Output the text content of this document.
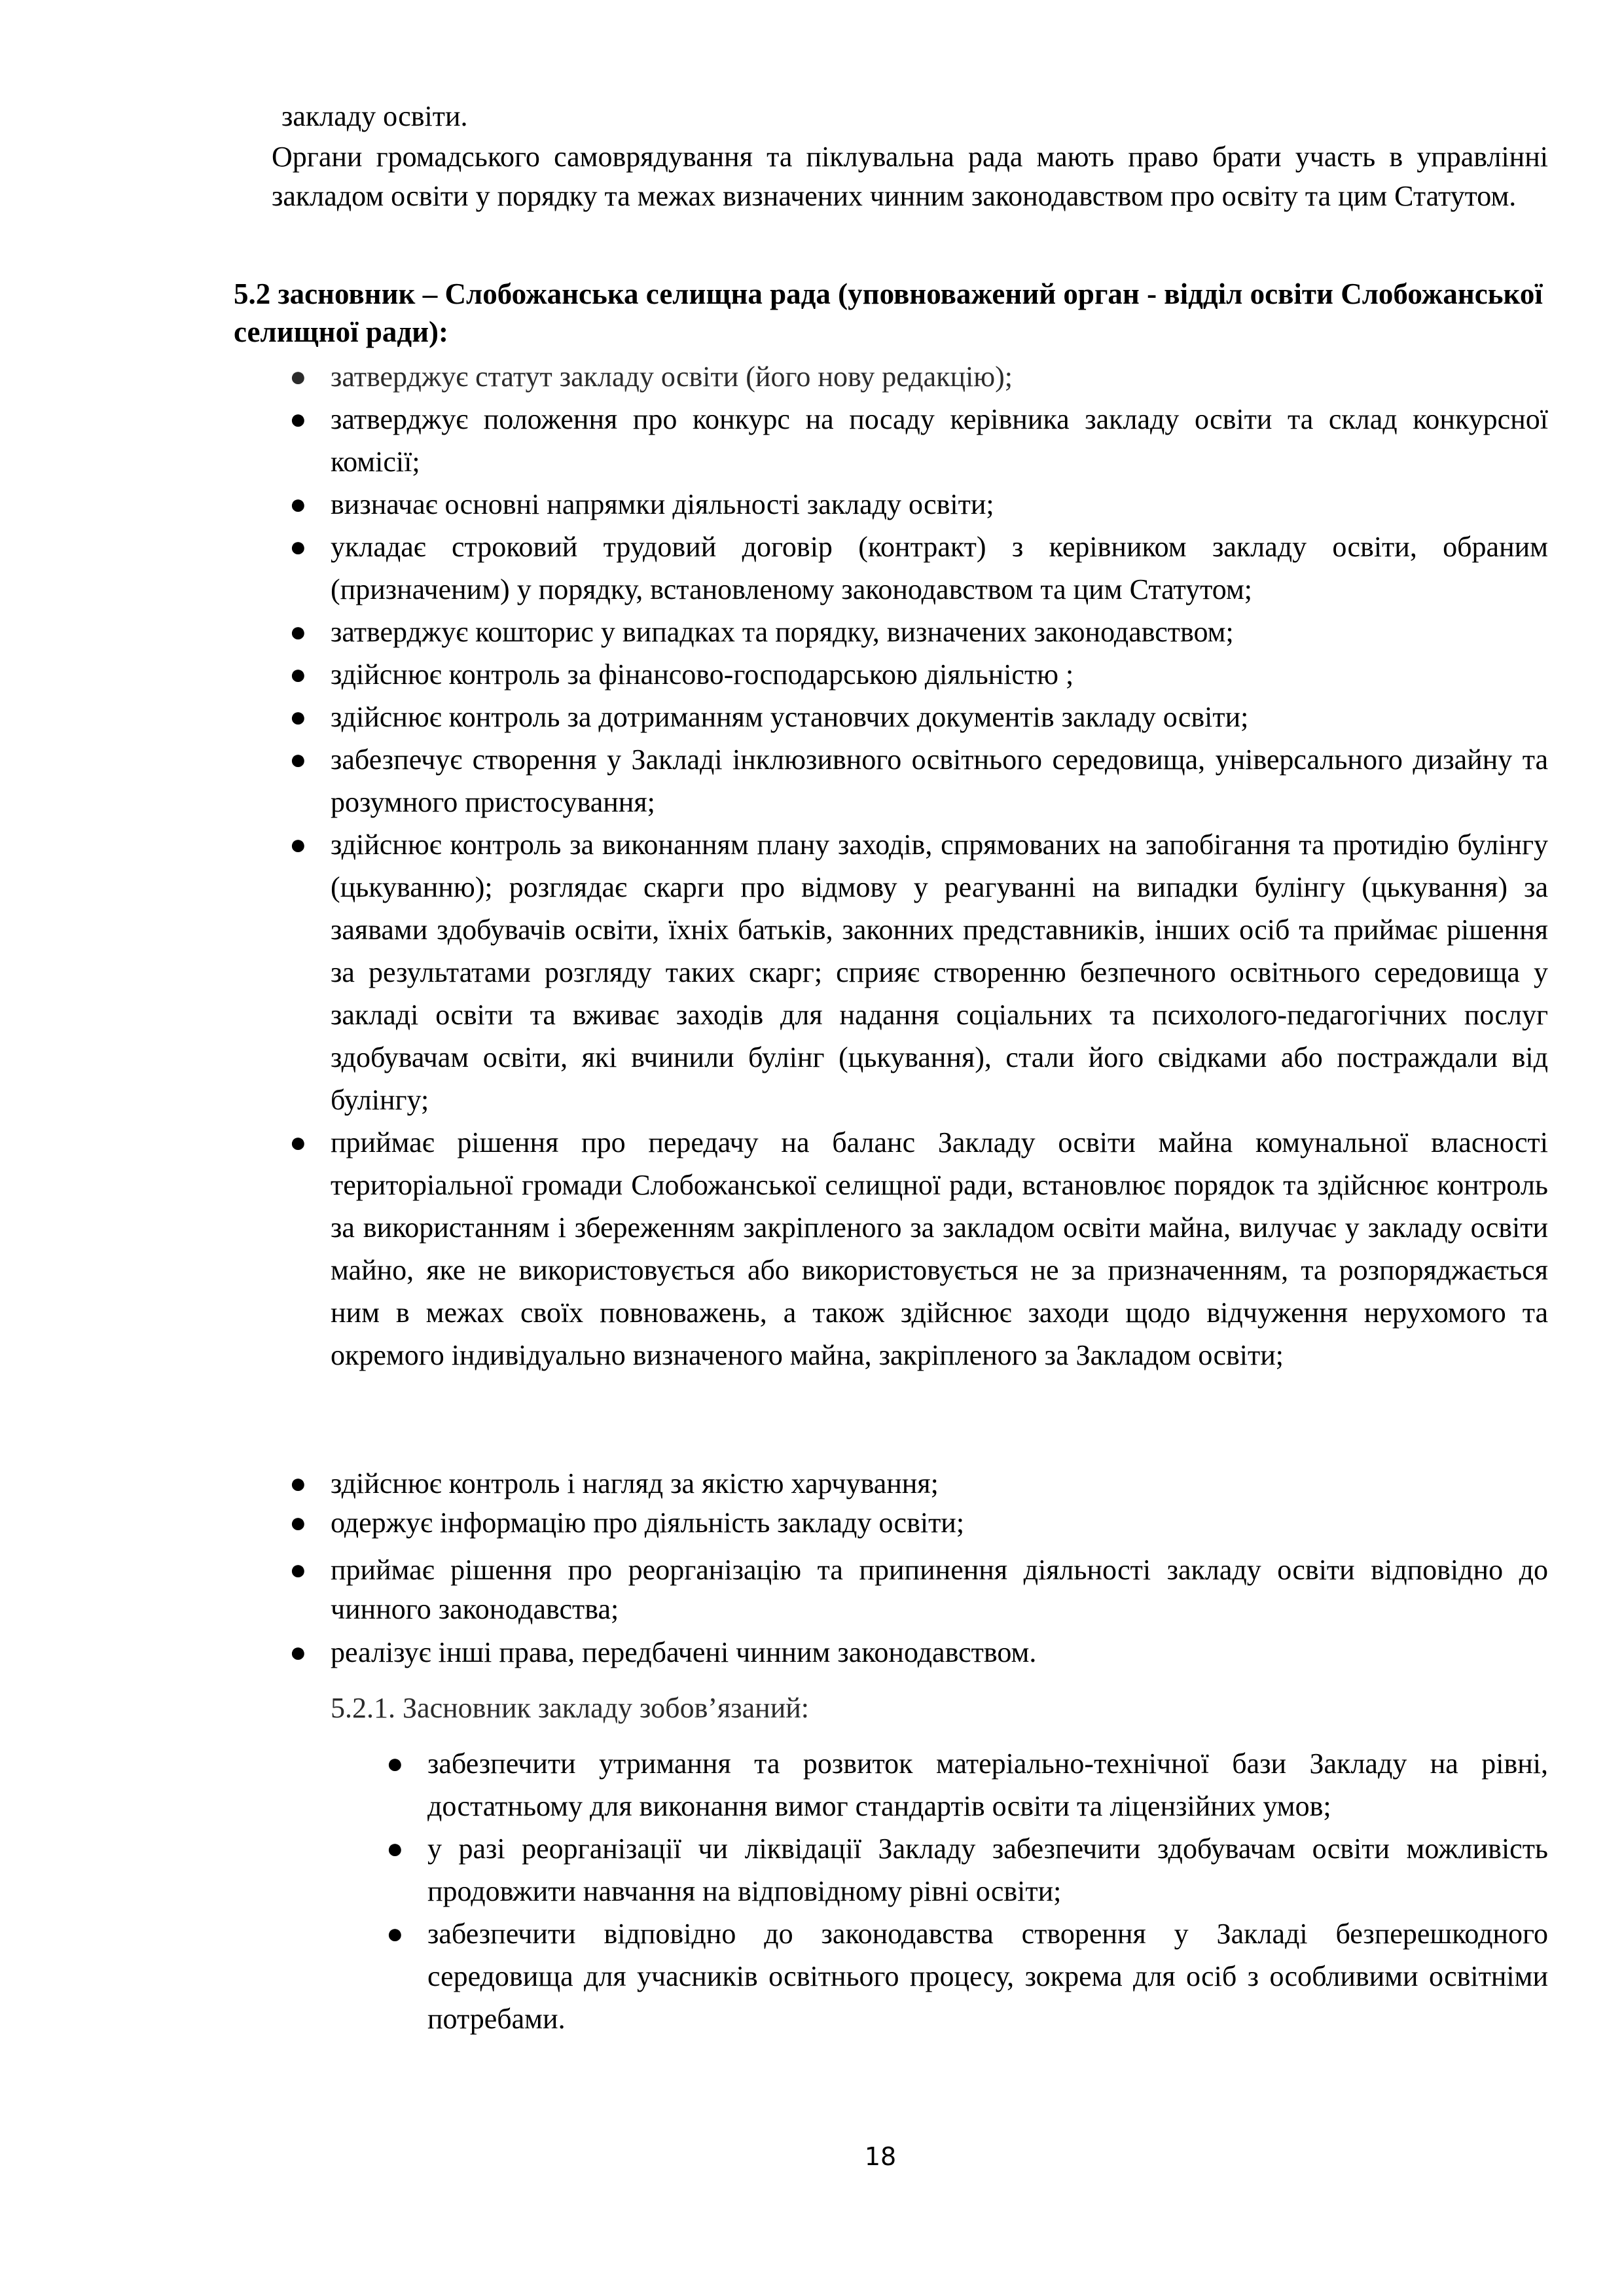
закладу освіти.

Органи громадського самоврядування та піклувальна рада мають право брати участь в управлінні закладом освіти у порядку та межах визначених чинним законодавством про освіту та цим Статутом.

5.2 засновник – Слобожанська селищна рада (уповноважений орган - відділ освіти Слобожанської селищної ради):
● затверджує статут закладу освіти (його нову редакцію);
● затверджує положення про конкурс на посаду керівника закладу освіти та склад конкурсної комісії;
● визначає основні напрямки діяльності закладу освіти;
● укладає строковий трудовий договір (контракт) з керівником закладу освіти, обраним (призначеним) у порядку, встановленому законодавством та цим Статутом;
● затверджує кошторис у випадках та порядку, визначених законодавством;
● здійснює контроль за фінансово-господарською діяльністю ;
● здійснює контроль за дотриманням установчих документів закладу освіти;
● забезпечує створення у Закладі інклюзивного освітнього середовища, універсального дизайну та розумного пристосування;
● здійснює контроль за виконанням плану заходів, спрямованих на запобігання та протидію булінгу (цькуванню); розглядає скарги про відмову у реагуванні на випадки булінгу (цькування) за заявами здобувачів освіти, їхніх батьків, законних представників, інших осіб та приймає рішення за результатами розгляду таких скарг; сприяє створенню безпечного освітнього середовища у закладі освіти та вживає заходів для надання соціальних та психолого-педагогічних послуг здобувачам освіти, які вчинили булінг (цькування), стали його свідками або постраждали від булінгу;
● приймає рішення про передачу на баланс Закладу освіти майна комунальної власності територіальної громади Слобожанської селищної ради, встановлює порядок та здійснює контроль за використанням і збереженням закріпленого за закладом освіти майна, вилучає у закладу освіти майно, яке не використовується або використовується не за призначенням, та розпоряджається ним в межах своїх повноважень, а також здійснює заходи щодо відчуження нерухомого та окремого індивідуально визначеного майна, закріпленого за Закладом освіти;
● здійснює контроль і нагляд за якістю харчування;
● одержує інформацію про діяльність закладу освіти;
● приймає рішення про реорганізацію та припинення діяльності закладу освіти відповідно до чинного законодавства;
● реалізує інші права, передбачені чинним законодавством.

5.2.1. Засновник закладу зобов’язаний:

● забезпечити утримання та розвиток матеріально-технічної бази Закладу на рівні, достатньому для виконання вимог стандартів освіти та ліцензійних умов;
● у разі реорганізації чи ліквідації Закладу забезпечити здобувачам освіти можливість продовжити навчання на відповідному рівні освіти;
● забезпечити відповідно до законодавства створення у Закладі безперешкодного середовища для учасників освітнього процесу, зокрема для осіб з особливими освітніми потребами.
18
